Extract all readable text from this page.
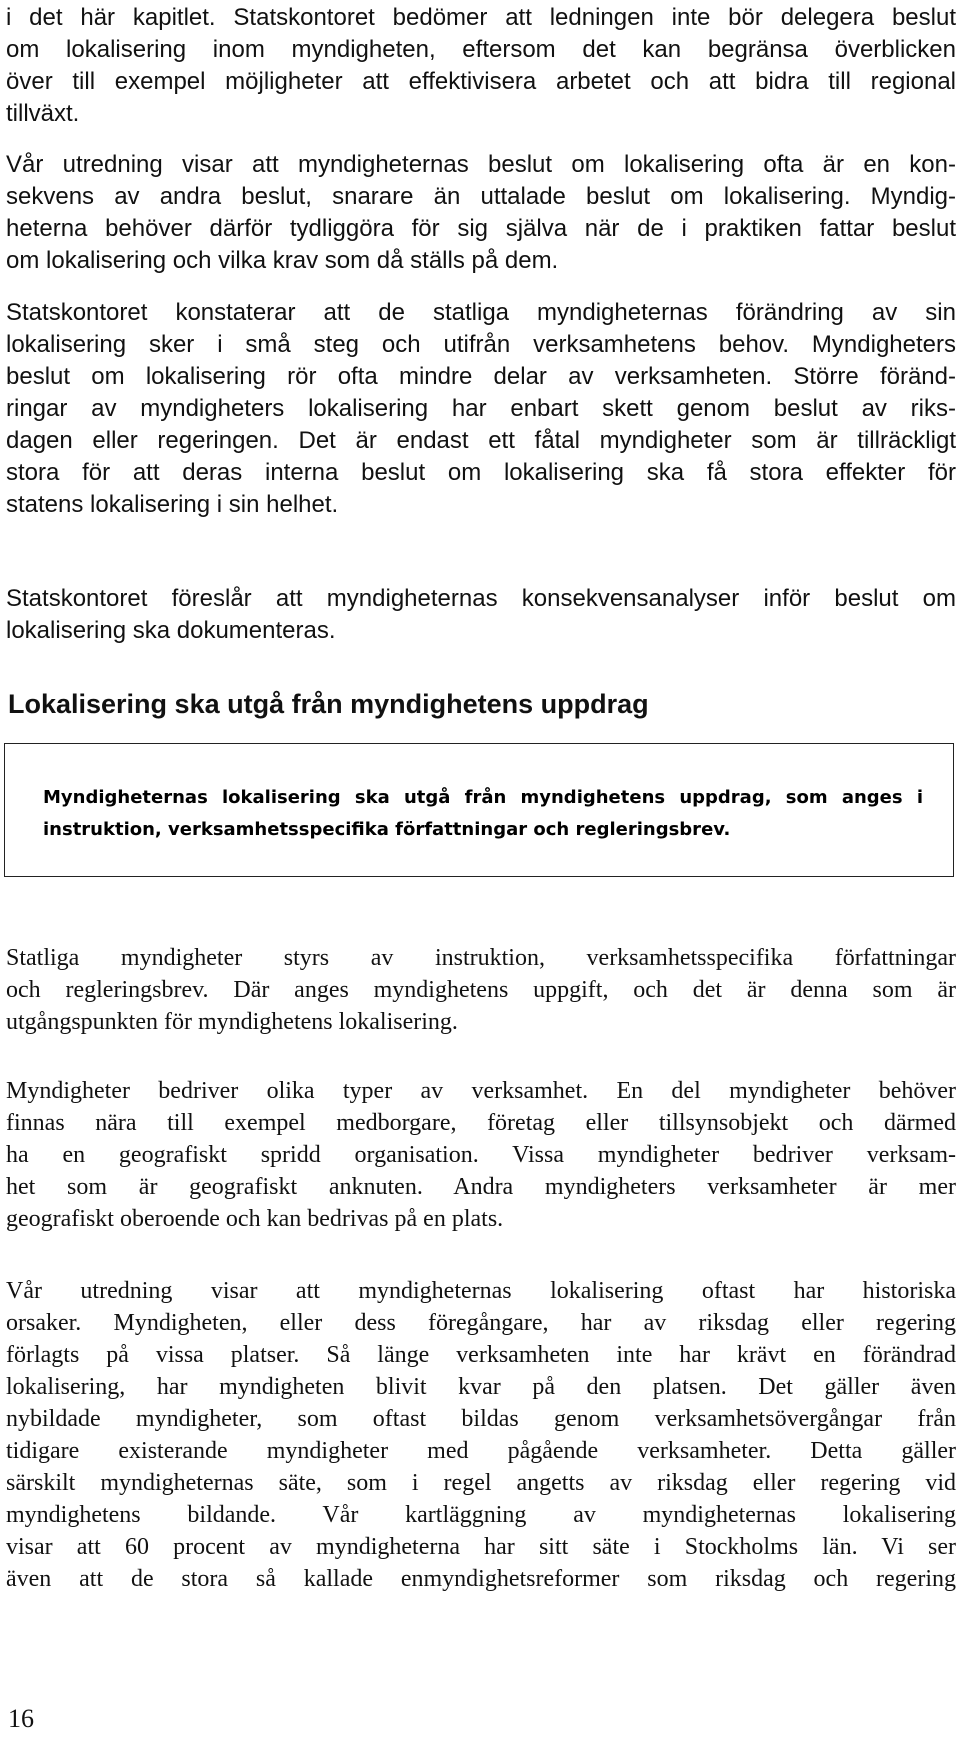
i det här kapitlet. Statskontoret bedömer att ledningen inte bör delegera beslut
om lokalisering inom myndigheten, eftersom det kan begränsa överblicken
över till exempel möjligheter att effektivisera arbetet och att bidra till regional
tillväxt.
Vår utredning visar att myndigheternas beslut om lokalisering ofta är en kon-
sekvens av andra beslut, snarare än uttalade beslut om lokalisering. Myndig-
heterna behöver därför tydliggöra för sig själva när de i praktiken fattar beslut
om lokalisering och vilka krav som då ställs på dem.
Statskontoret konstaterar att de statliga myndigheternas förändring av sin
lokalisering sker i små steg och utifrån verksamhetens behov. Myndigheters
beslut om lokalisering rör ofta mindre delar av verksamheten. Större föränd-
ringar av myndigheters lokalisering har enbart skett genom beslut av riks-
dagen eller regeringen. Det är endast ett fåtal myndigheter som är tillräckligt
stora för att deras interna beslut om lokalisering ska få stora effekter för
statens lokalisering i sin helhet.
Statskontoret föreslår att myndigheternas konsekvensanalyser inför beslut om
lokalisering ska dokumenteras.
Lokalisering ska utgå från myndighetens uppdrag
Myndigheternas lokalisering ska utgå från myndighetens uppdrag, som anges i
instruktion, verksamhetsspecifika författningar och regleringsbrev.
Statliga myndigheter styrs av instruktion, verksamhetsspecifika författningar
och regleringsbrev. Där anges myndighetens uppgift, och det är denna som är
utgångspunkten för myndighetens lokalisering.
Myndigheter bedriver olika typer av verksamhet. En del myndigheter behöver
finnas nära till exempel medborgare, företag eller tillsynsobjekt och därmed
ha en geografiskt spridd organisation. Vissa myndigheter bedriver verksam-
het som är geografiskt anknuten. Andra myndigheters verksamheter är mer
geografiskt oberoende och kan bedrivas på en plats.
Vår utredning visar att myndigheternas lokalisering oftast har historiska
orsaker. Myndigheten, eller dess föregångare, har av riksdag eller regering
förlagts på vissa platser. Så länge verksamheten inte har krävt en förändrad
lokalisering, har myndigheten blivit kvar på den platsen. Det gäller även
nybildade myndigheter, som oftast bildas genom verksamhetsövergångar från
tidigare existerande myndigheter med pågående verksamheter. Detta gäller
särskilt myndigheternas säte, som i regel angetts av riksdag eller regering vid
myndighetens bildande. Vår kartläggning av myndigheternas lokalisering
visar att 60 procent av myndigheterna har sitt säte i Stockholms län. Vi ser
även att de stora så kallade enmyndighetsreformer som riksdag och regering
16
